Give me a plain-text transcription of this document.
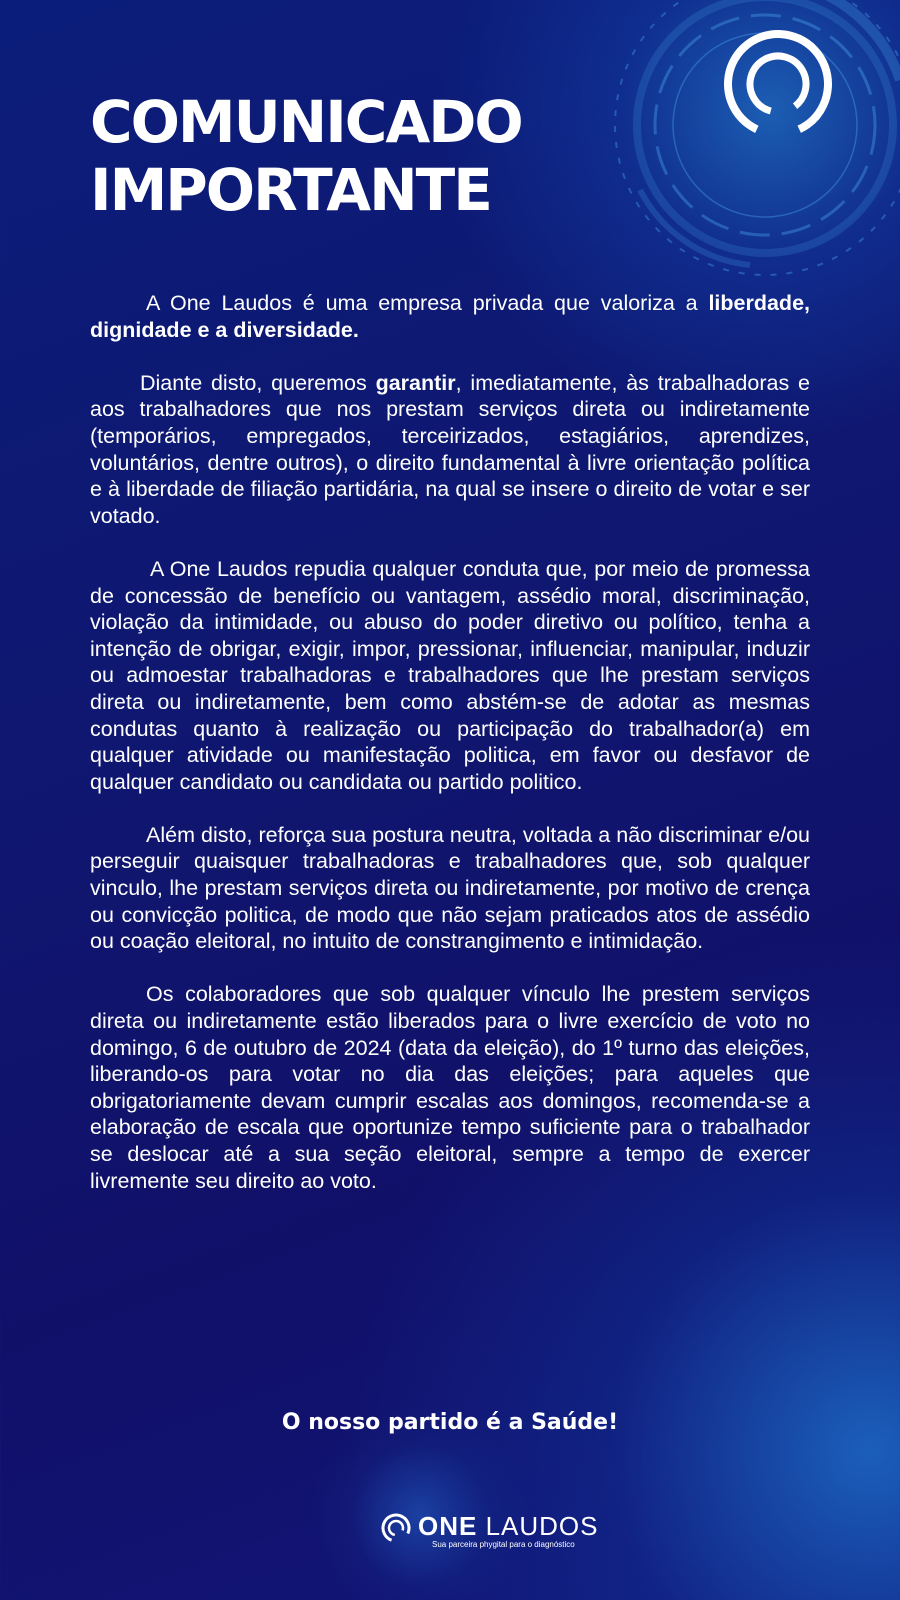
COMUNICADO
IMPORTANTE

A One Laudos é uma empresa privada que valoriza a liberdade, dignidade e a diversidade.

Diante disto, queremos garantir, imediatamente, às trabalhadoras e aos trabalhadores que nos prestam serviços direta ou indiretamente (temporários, empregados, terceirizados, estagiários, aprendizes, voluntários, dentre outros), o direito fundamental à livre orientação política e à liberdade de filiação partidária, na qual se insere o direito de votar e ser votado.

A One Laudos repudia qualquer conduta que, por meio de promessa de concessão de benefício ou vantagem, assédio moral, discriminação, violação da intimidade, ou abuso do poder diretivo ou político, tenha a intenção de obrigar, exigir, impor, pressionar, influenciar, manipular, induzir ou admoestar trabalhadoras e trabalhadores que lhe prestam serviços direta ou indiretamente, bem como abstém-se de adotar as mesmas condutas quanto à realização ou participação do trabalhador(a) em qualquer atividade ou manifestação politica, em favor ou desfavor de qualquer candidato ou candidata ou partido politico.

Além disto, reforça sua postura neutra, voltada a não discriminar e/ou perseguir quaisquer trabalhadoras e trabalhadores que, sob qualquer vinculo, lhe prestam serviços direta ou indiretamente, por motivo de crença ou convicção politica, de modo que não sejam praticados atos de assédio ou coação eleitoral, no intuito de constrangimento e intimidação.

Os colaboradores que sob qualquer vínculo lhe prestem serviços direta ou indiretamente estão liberados para o livre exercício de voto no domingo, 6 de outubro de 2024 (data da eleição), do 1º turno das eleições, liberando-os para votar no dia das eleições; para aqueles que obrigatoriamente devam cumprir escalas aos domingos, recomenda-se a elaboração de escala que oportunize tempo suficiente para o trabalhador se deslocar até a sua seção eleitoral, sempre a tempo de exercer livremente seu direito ao voto.

O nosso partido é a Saúde!
ONE LAUDOS
Sua parceira phygital para o diagnóstico
